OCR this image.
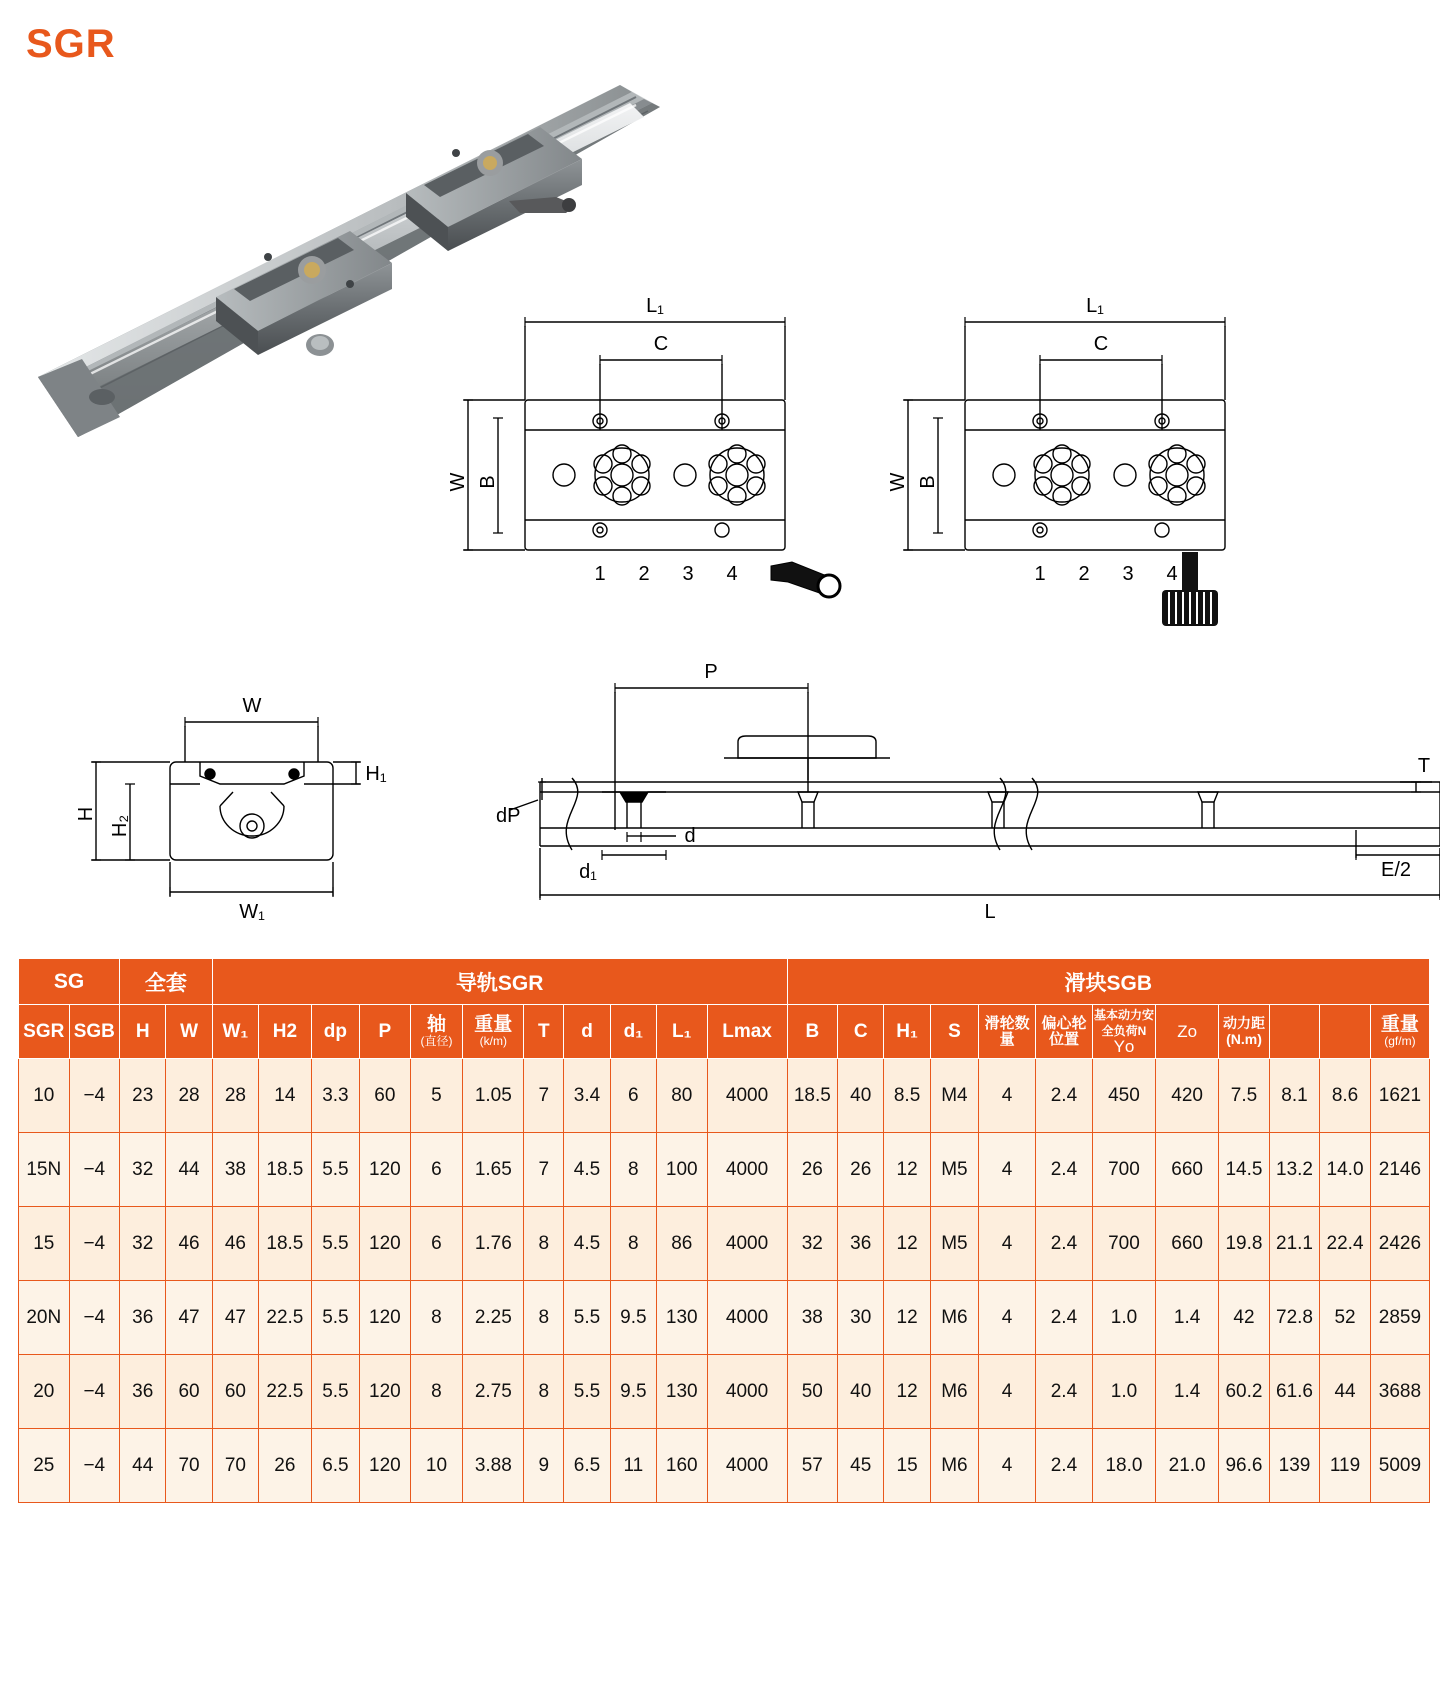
SGR
L₁
C
1 2 3 4
W B
L₁
C
1 2 3 4
W B
W
W₁
H₁
H
H₂
P
L
T
E/2
d
d₁
dP
SG		全套		导轨SGR											滑块SGB											
SGR	SGB	H	W	W₁	H2	dp	P	轴
(直径)	重量
(k/m)	T	d	d₁	L₁	Lmax	B	C	H₁	S	滑轮数量	偏心轮位置	基本动力安全负荷N
Yо	Zо	动力距(N.m)			重量
(gf/m)

10	−4	23	28	28	14	3.3	60	5	1.05	7	3.4	6	80	4000	18.5	40	8.5	M4	4	2.4	450	420	7.5	8.1	8.6	1621
15N	−4	32	44	38	18.5	5.5	120	6	1.65	7	4.5	8	100	4000	26	26	12	M5	4	2.4	700	660	14.5	13.2	14.0	2146
15	−4	32	46	46	18.5	5.5	120	6	1.76	8	4.5	8	86	4000	32	36	12	M5	4	2.4	700	660	19.8	21.1	22.4	2426
20N	−4	36	47	47	22.5	5.5	120	8	2.25	8	5.5	9.5	130	4000	38	30	12	M6	4	2.4	1.0	1.4	42	72.8	52	2859
20	−4	36	60	60	22.5	5.5	120	8	2.75	8	5.5	9.5	130	4000	50	40	12	M6	4	2.4	1.0	1.4	60.2	61.6	44	3688
25	−4	44	70	70	26	6.5	120	10	3.88	9	6.5	11	160	4000	57	45	15	M6	4	2.4	18.0	21.0	96.6	139	119	5009
